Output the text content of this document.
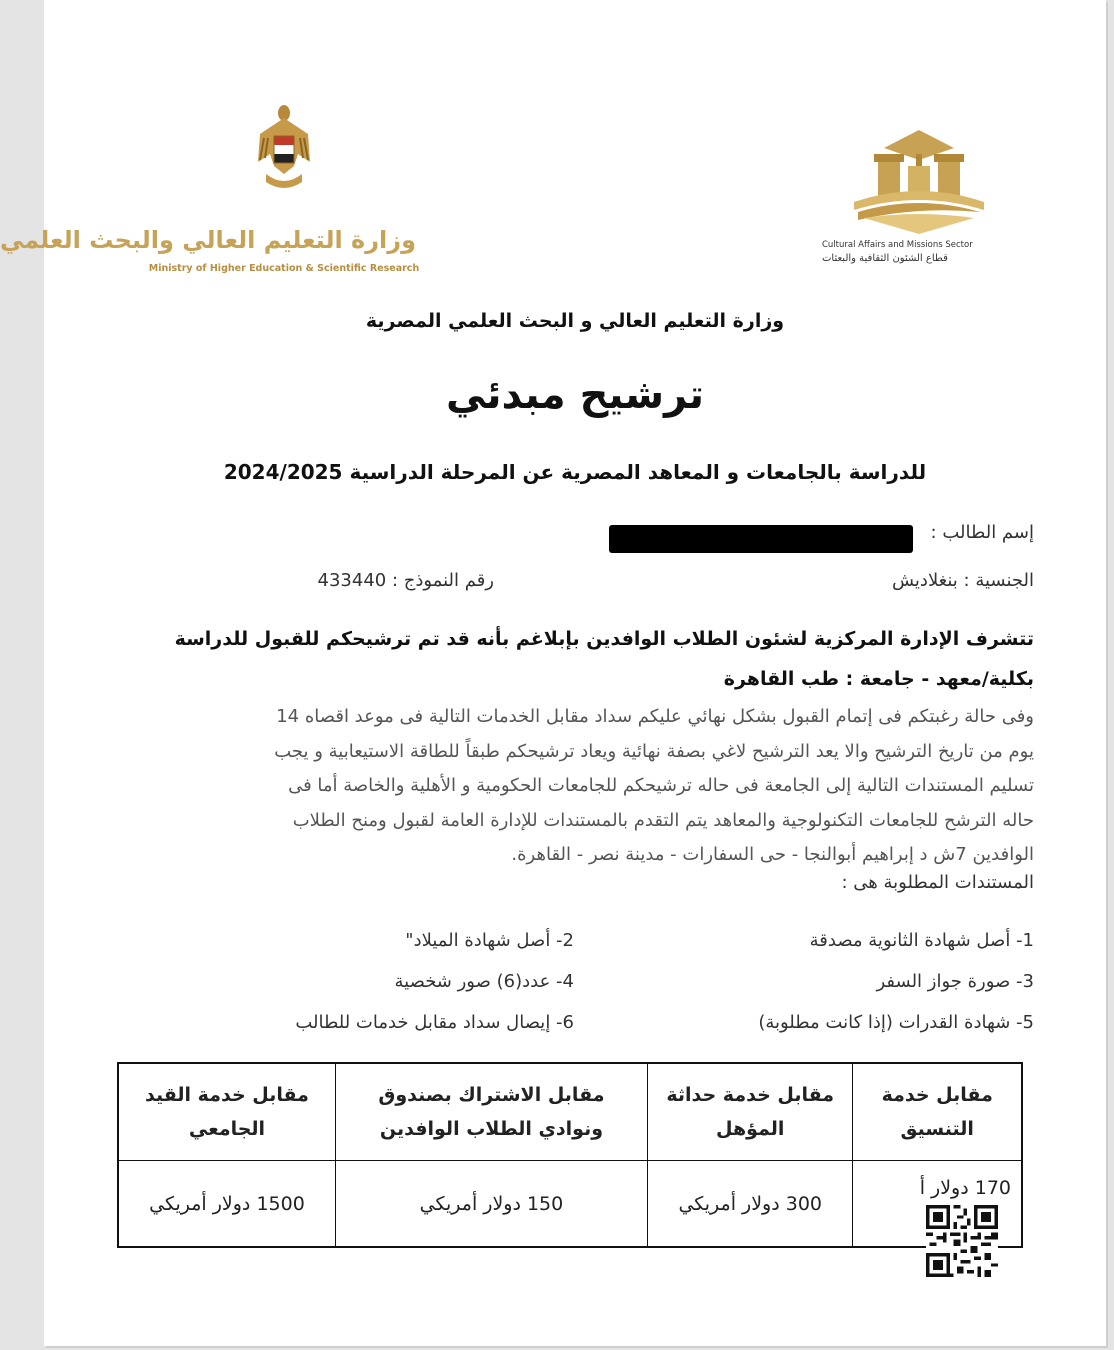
وزارة التعليم العالي والبحث العلمي
Ministry of Higher Education & Scientific Research
Cultural Affairs and Missions Sector
قطاع الشئون الثقافية والبعثات
وزارة التعليم العالي و البحث العلمي المصرية
ترشيح مبدئي
للدراسة بالجامعات و المعاهد المصرية عن المرحلة الدراسية 2024/2025
إسم الطالب :
الجنسية : بنغلاديش
رقم النموذج : 433440
تتشرف الإدارة المركزية لشئون الطلاب الوافدين بإبلاغم بأنه قد تم ترشيحكم للقبول للدراسة
بكلية/معهد - جامعة : طب القاهرة
وفى حالة رغبتكم فى إتمام القبول بشكل نهائي عليكم سداد مقابل الخدمات التالية فى موعد اقصاه 14
يوم من تاريخ الترشيح والا يعد الترشيح لاغي بصفة نهائية ويعاد ترشيحكم طبقاً للطاقة الاستيعابية و يجب
تسليم المستندات التالية إلى الجامعة فى حاله ترشيحكم للجامعات الحكومية و الأهلية والخاصة أما فى
حاله الترشح للجامعات التكنولوجية والمعاهد يتم التقدم بالمستندات للإدارة العامة لقبول ومنح الطلاب
الوافدين 7ش د إبراهيم أبوالنجا - حى السفارات - مدينة نصر - القاهرة.
المستندات المطلوبة هى :
1- أصل شهادة الثانوية مصدقة
2- أصل شهادة الميلاد"
3- صورة جواز السفر
4- عدد(6) صور شخصية
5- شهادة القدرات (إذا كانت مطلوبة)
6- إيصال سداد مقابل خدمات للطالب
مقابل خدمة التنسيق	مقابل خدمة حداثة المؤهل	مقابل الاشتراك بصندوق ونوادي الطلاب الوافدين	مقابل خدمة القيد الجامعي
170 دولار أ	300 دولار أمريكي	150 دولار أمريكي	1500 دولار أمريكي
